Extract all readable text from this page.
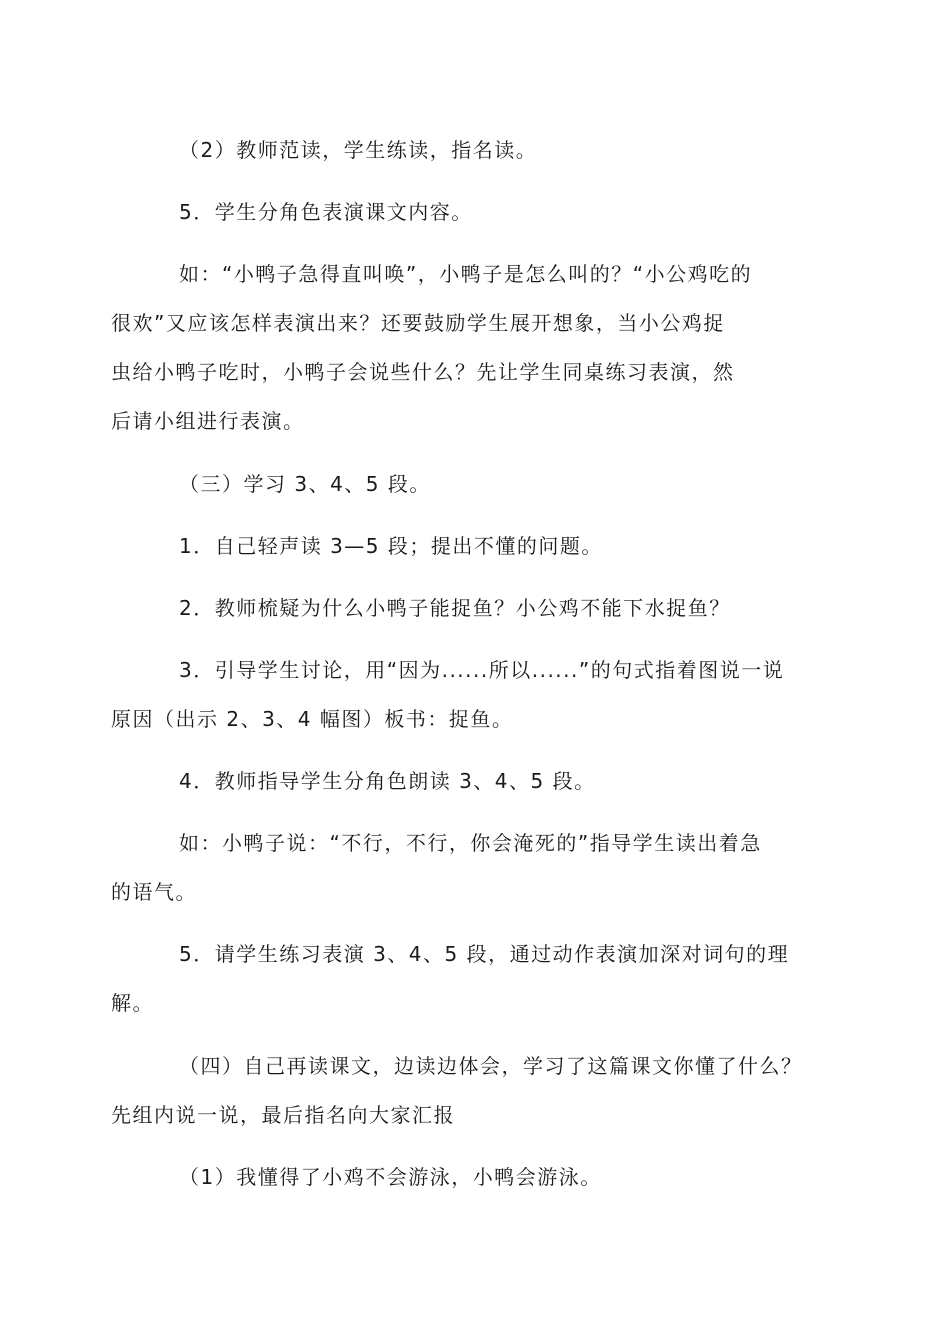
（2）教师范读，学生练读，指名读。

5．学生分角色表演课文内容。

如：“小鸭子急得直叫唤”，小鸭子是怎么叫的？“小公鸡吃的
很欢”又应该怎样表演出来？还要鼓励学生展开想象，当小公鸡捉
虫给小鸭子吃时，小鸭子会说些什么？先让学生同桌练习表演，然
后请小组进行表演。

（三）学习 3、4、5 段。

1．自己轻声读 3—5 段；提出不懂的问题。

2．教师梳疑为什么小鸭子能捉鱼？小公鸡不能下水捉鱼？

3．引导学生讨论，用“因为......所以......”的句式指着图说一说
原因（出示 2、3、4 幅图）板书：捉鱼。

4．教师指导学生分角色朗读 3、4、5 段。

如：小鸭子说：“不行，不行，你会淹死的”指导学生读出着急
的语气。

5．请学生练习表演 3、4、5 段，通过动作表演加深对词句的理
解。

（四）自己再读课文，边读边体会，学习了这篇课文你懂了什么？
先组内说一说，最后指名向大家汇报

（1）我懂得了小鸡不会游泳，小鸭会游泳。
